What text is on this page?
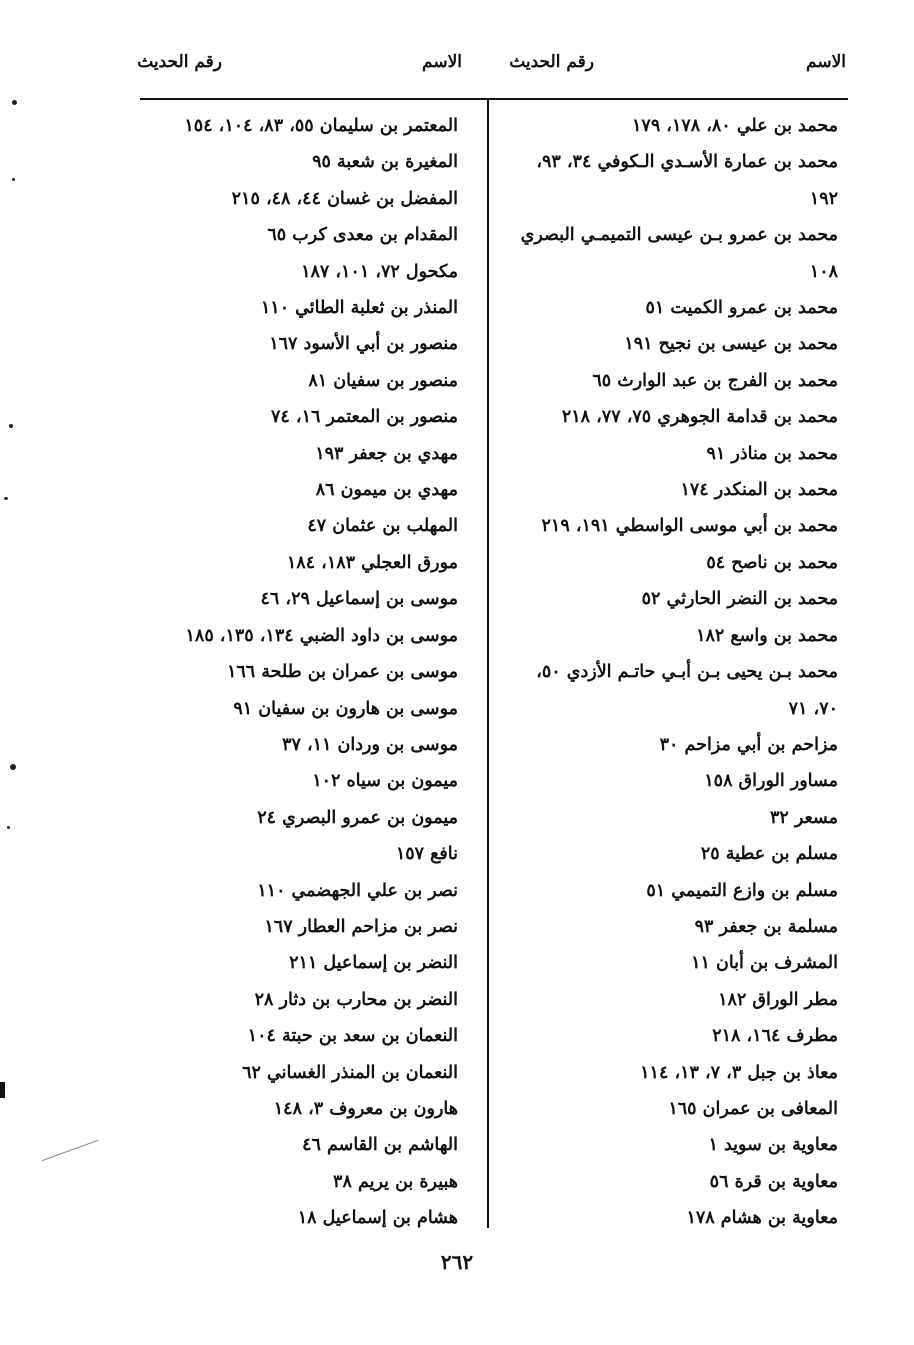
الاسم
رقم الحديث
الاسم
رقم الحديث
محمد بن علي ٨٠، ١٧٨، ١٧٩
محمد بن عمارة الأسـدي الـكوفي ٣٤، ٩٣،
١٩٢
محمد بن عمرو بـن عيسى التميمـي البصري
١٠٨
محمد بن عمرو الكميت ٥١
محمد بن عيسى بن نجيح ١٩١
محمد بن الفرج بن عبد الوارث ٦٥
محمد بن قدامة الجوهري ٧٥، ٧٧، ٢١٨
محمد بن مناذر ٩١
محمد بن المنكدر ١٧٤
محمد بن أبي موسى الواسطي ١٩١، ٢١٩
محمد بن ناصح ٥٤
محمد بن النضر الحارثي ٥٢
محمد بن واسع ١٨٢
محمد بـن يحيى بـن أبـي حاتـم الأزدي ٥٠،
٧٠، ٧١
مزاحم بن أبي مزاحم ٣٠
مساور الوراق ١٥٨
مسعر ٣٢
مسلم بن عطية ٢٥
مسلم بن وازع التميمي ٥١
مسلمة بن جعفر ٩٣
المشرف بن أبان ١١
مطر الوراق ١٨٢
مطرف ١٦٤، ٢١٨
معاذ بن جبل ٣، ٧، ١٣، ١١٤
المعافى بن عمران ١٦٥
معاوية بن سويد ١
معاوية بن قرة ٥٦
معاوية بن هشام ١٧٨
المعتمر بن سليمان ٥٥، ٨٣، ١٠٤، ١٥٤
المغيرة بن شعبة ٩٥
المفضل بن غسان ٤٤، ٤٨، ٢١٥
المقدام بن معدى كرب ٦٥
مكحول ٧٢، ١٠١، ١٨٧
المنذر بن ثعلبة الطائي ١١٠
منصور بن أبي الأسود ١٦٧
منصور بن سفيان ٨١
منصور بن المعتمر ١٦، ٧٤
مهدي بن جعفر ١٩٣
مهدي بن ميمون ٨٦
المهلب بن عثمان ٤٧
مورق العجلي ١٨٣، ١٨٤
موسى بن إسماعيل ٢٩، ٤٦
موسى بن داود الضبي ١٣٤، ١٣٥، ١٨٥
موسى بن عمران بن طلحة ١٦٦
موسى بن هارون بن سفيان ٩١
موسى بن وردان ١١، ٣٧
ميمون بن سياه ١٠٢
ميمون بن عمرو البصري ٢٤
نافع ١٥٧
نصر بن علي الجهضمي ١١٠
نصر بن مزاحم العطار ١٦٧
النضر بن إسماعيل ٢١١
النضر بن محارب بن دثار ٢٨
النعمان بن سعد بن حبتة ١٠٤
النعمان بن المنذر الغساني ٦٢
هارون بن معروف ٣، ١٤٨
الهاشم بن القاسم ٤٦
هبيرة بن يريم ٣٨
هشام بن إسماعيل ١٨
٢٦٢
